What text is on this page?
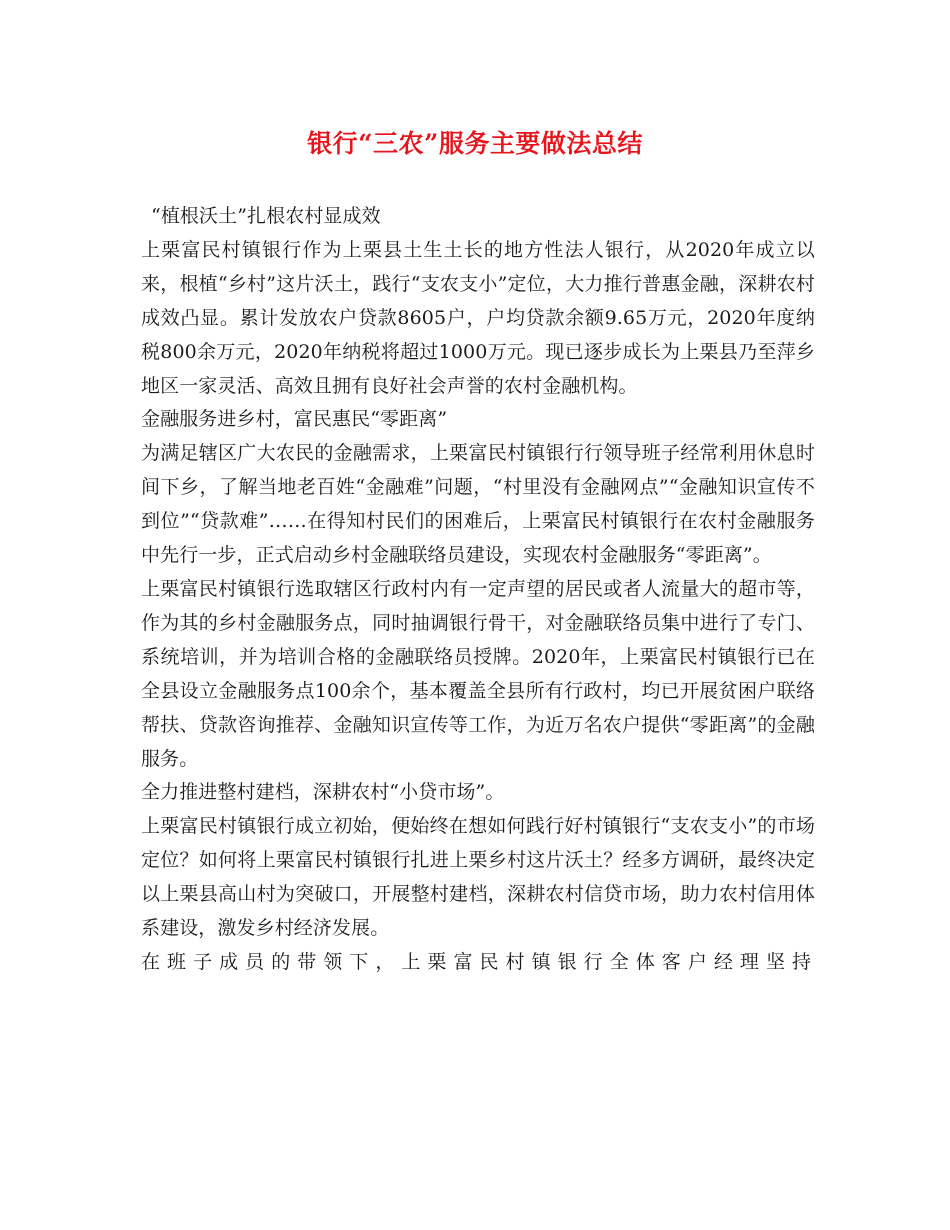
银行“三农”服务主要做法总结

“植根沃土”扎根农村显成效

上栗富民村镇银行作为上栗县土生土长的地方性法人银行，从2020年成立以来，根植“乡村”这片沃土，践行“支农支小”定位，大力推行普惠金融，深耕农村成效凸显。累计发放农户贷款8605户，户均贷款余额9.65万元，2020年度纳税800余万元，2020年纳税将超过1000万元。现已逐步成长为上栗县乃至萍乡地区一家灵活、高效且拥有良好社会声誉的农村金融机构。

金融服务进乡村，富民惠民“零距离”

为满足辖区广大农民的金融需求，上栗富民村镇银行行领导班子经常利用休息时间下乡，了解当地老百姓“金融难”问题，“村里没有金融网点”“金融知识宣传不到位”“贷款难”……在得知村民们的困难后，上栗富民村镇银行在农村金融服务中先行一步，正式启动乡村金融联络员建设，实现农村金融服务“零距离”。

上栗富民村镇银行选取辖区行政村内有一定声望的居民或者人流量大的超市等，作为其的乡村金融服务点，同时抽调银行骨干，对金融联络员集中进行了专门、系统培训，并为培训合格的金融联络员授牌。2020年，上栗富民村镇银行已在全县设立金融服务点100余个，基本覆盖全县所有行政村，均已开展贫困户联络帮扶、贷款咨询推荐、金融知识宣传等工作，为近万名农户提供“零距离”的金融服务。

全力推进整村建档，深耕农村“小贷市场”。

上栗富民村镇银行成立初始，便始终在想如何践行好村镇银行“支农支小”的市场定位？如何将上栗富民村镇银行扎进上栗乡村这片沃土？经多方调研，最终决定以上栗县高山村为突破口，开展整村建档，深耕农村信贷市场，助力农村信用体系建设，激发乡村经济发展。

在班子成员的带领下，上栗富民村镇银行全体客户经理坚持
